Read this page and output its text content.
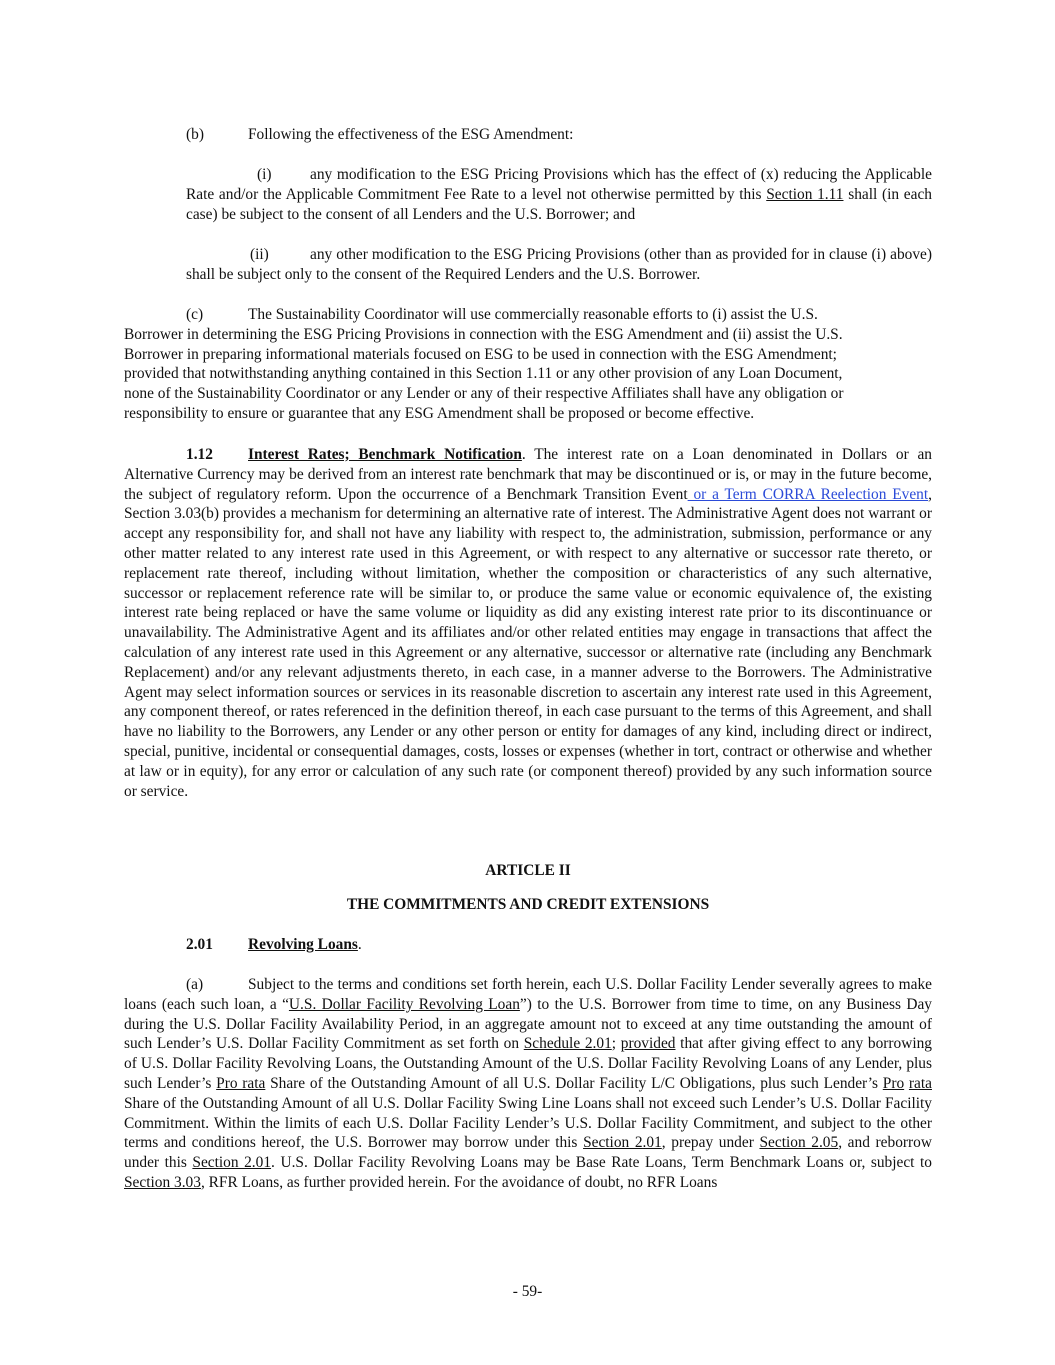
(b)	Following the effectiveness of the ESG Amendment:

(i) any modification to the ESG Pricing Provisions which has the effect of (x) reducing the Applicable Rate and/or the Applicable Commitment Fee Rate to a level not otherwise permitted by this Section 1.11 shall (in each case) be subject to the consent of all Lenders and the U.S. Borrower; and

(ii)	any other modification to the ESG Pricing Provisions (other than as provided for in clause (i) above) shall be subject only to the consent of the Required Lenders and the U.S. Borrower.

(c)	The Sustainability Coordinator will use commercially reasonable efforts to (i) assist the U.S.
Borrower in determining the ESG Pricing Provisions in connection with the ESG Amendment and (ii) assist the U.S.
Borrower in preparing informational materials focused on ESG to be used in connection with the ESG Amendment;
provided that notwithstanding anything contained in this Section 1.11 or any other provision of any Loan Document,
none of the Sustainability Coordinator or any Lender or any of their respective Affiliates shall have any obligation or
responsibility to ensure or guarantee that any ESG Amendment shall be proposed or become effective.

1.12 Interest Rates; Benchmark Notification. The interest rate on a Loan denominated in Dollars or an Alternative Currency may be derived from an interest rate benchmark that may be discontinued or is, or may in the future become, the subject of regulatory reform. Upon the occurrence of a Benchmark Transition Event or a Term CORRA Reelection Event, Section 3.03(b) provides a mechanism for determining an alternative rate of interest. The Administrative Agent does not warrant or accept any responsibility for, and shall not have any liability with respect to, the administration, submission, performance or any other matter related to any interest rate used in this Agreement, or with respect to any alternative or successor rate thereto, or replacement rate thereof, including without limitation, whether the composition or characteristics of any such alternative, successor or replacement reference rate will be similar to, or produce the same value or economic equivalence of, the existing interest rate being replaced or have the same volume or liquidity as did any existing interest rate prior to its discontinuance or unavailability. The Administrative Agent and its affiliates and/or other related entities may engage in transactions that affect the calculation of any interest rate used in this Agreement or any alternative, successor or alternative rate (including any Benchmark Replacement) and/or any relevant adjustments thereto, in each case, in a manner adverse to the Borrowers. The Administrative Agent may select information sources or services in its reasonable discretion to ascertain any interest rate used in this Agreement, any component thereof, or rates referenced in the definition thereof, in each case pursuant to the terms of this Agreement, and shall have no liability to the Borrowers, any Lender or any other person or entity for damages of any kind, including direct or indirect, special, punitive, incidental or consequential damages, costs, losses or expenses (whether in tort, contract or otherwise and whether at law or in equity), for any error or calculation of any such rate (or component thereof) provided by any such information source or service.

ARTICLE II
THE COMMITMENTS AND CREDIT EXTENSIONS

2.01 Revolving Loans.

(a)	Subject to the terms and conditions set forth herein, each U.S. Dollar Facility Lender severally agrees to make loans (each such loan, a “U.S. Dollar Facility Revolving Loan”) to the U.S. Borrower from time to time, on any Business Day during the U.S. Dollar Facility Availability Period, in an aggregate amount not to exceed at any time outstanding the amount of such Lender’s U.S. Dollar Facility Commitment as set forth on Schedule 2.01; provided that after giving effect to any borrowing of U.S. Dollar Facility Revolving Loans, the Outstanding Amount of the U.S. Dollar Facility Revolving Loans of any Lender, plus such Lender’s Pro rata Share of the Outstanding Amount of all U.S. Dollar Facility L/C Obligations, plus such Lender’s Pro rata Share of the Outstanding Amount of all U.S. Dollar Facility Swing Line Loans shall not exceed such Lender’s U.S. Dollar Facility Commitment. Within the limits of each U.S. Dollar Facility Lender’s U.S. Dollar Facility Commitment, and subject to the other terms and conditions hereof, the U.S. Borrower may borrow under this Section 2.01, prepay under Section 2.05, and reborrow under this Section 2.01. U.S. Dollar Facility Revolving Loans may be Base Rate Loans, Term Benchmark Loans or, subject to Section 3.03, RFR Loans, as further provided herein. For the avoidance of doubt, no RFR Loans

- 59-
